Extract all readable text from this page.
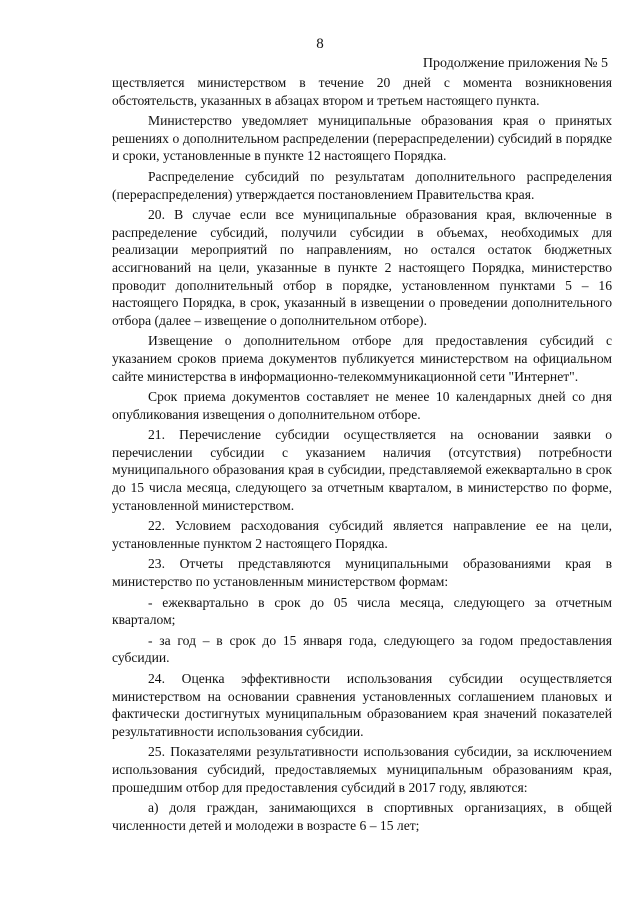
8
Продолжение приложения № 5

ществляется министерством в течение 20 дней с момента возникновения обстоятельств, указанных в абзацах втором и третьем настоящего пункта.

Министерство уведомляет муниципальные образования края о принятых решениях о дополнительном распределении (перераспределении) субсидий в порядке и сроки, установленные в пункте 12 настоящего Порядка.

Распределение субсидий по результатам дополнительного распределения (перераспределения) утверждается постановлением Правительства края.

20. В случае если все муниципальные образования края, включенные в распределение субсидий, получили субсидии в объемах, необходимых для реализации мероприятий по направлениям, но остался остаток бюджетных ассигнований на цели, указанные в пункте 2 настоящего Порядка, министерство проводит дополнительный отбор в порядке, установленном пунктами 5 – 16 настоящего Порядка, в срок, указанный в извещении о проведении дополнительного отбора (далее – извещение о дополнительном отборе).

Извещение о дополнительном отборе для предоставления субсидий с указанием сроков приема документов публикуется министерством на официальном сайте министерства в информационно-телекоммуникационной сети "Интернет".

Срок приема документов составляет не менее 10 календарных дней со дня опубликования извещения о дополнительном отборе.

21. Перечисление субсидии осуществляется на основании заявки о перечислении субсидии с указанием наличия (отсутствия) потребности муниципального образования края в субсидии, представляемой ежеквартально в срок до 15 числа месяца, следующего за отчетным кварталом, в министерство по форме, установленной министерством.

22. Условием расходования субсидий является направление ее на цели, установленные пунктом 2 настоящего Порядка.

23. Отчеты представляются муниципальными образованиями края в министерство по установленным министерством формам:

- ежеквартально в срок до 05 числа месяца, следующего за отчетным кварталом;

- за год – в срок до 15 января года, следующего за годом предоставления субсидии.

24. Оценка эффективности использования субсидии осуществляется министерством на основании сравнения установленных соглашением плановых и фактически достигнутых муниципальным образованием края значений показателей результативности использования субсидии.

25. Показателями результативности использования субсидии, за исключением использования субсидий, предоставляемых муниципальным образованиям края, прошедшим отбор для предоставления субсидий в 2017 году, являются:

а) доля граждан, занимающихся в спортивных организациях, в общей численности детей и молодежи в возрасте 6 – 15 лет;
